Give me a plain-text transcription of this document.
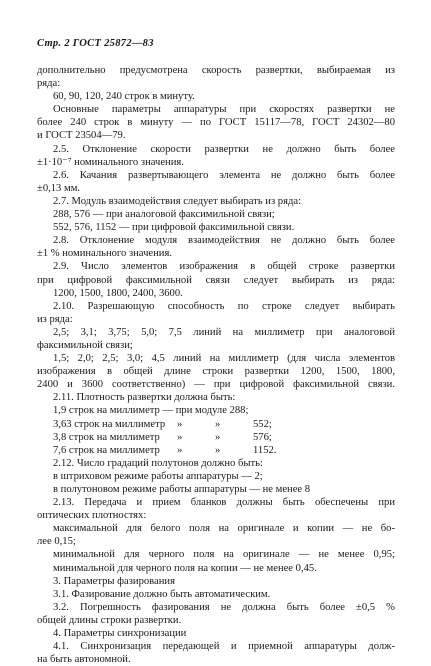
Стр. 2 ГОСТ 25872—83
дополнительно предусмотрена скорость развертки, выбираемая из
ряда:
60, 90, 120, 240 строк в минуту.
Основные параметры аппаратуры при скоростях развертки не
более 240 строк в минуту — по ГОСТ 15117—78, ГОСТ 24302—80
и ГОСТ 23504—79.
2.5. Отклонение скорости развертки не должно быть более
±1·10⁻⁷ номинального значения.
2.6. Качания развертывающего элемента не должно быть более
±0,13 мм.
2.7. Модуль взаимодействия следует выбирать из ряда:
288, 576 — при аналоговой факсимильной связи;
552, 576, 1152 — при цифровой факсимильной связи.
2.8. Отклонение модуля взаимодействия не должно быть более
±1 % номинального значения.
2.9. Число элементов изображения в общей строке развертки
при цифровой факсимильной связи следует выбирать из ряда:
1200, 1500, 1800, 2400, 3600.
2.10. Разрешающую способность по строке следует выбирать
из ряда:
2,5; 3,1; 3,75; 5,0; 7,5 линий на миллиметр при аналоговой
факсимильной связи;
1,5; 2,0; 2,5; 3,0; 4,5 линий на миллиметр (для числа элементов
изображения в общей длине строки развертки 1200, 1500, 1800,
2400 и 3600 соответственно) — при цифровой факсимильной связи.
2.11. Плотность развертки должна быть:
1,9 строк на миллиметр — при модуле 288;
3,63 строк на миллиметр	»	»	552;
3,8 строк на миллиметр	»	»	576;
7,6 строк на миллиметр	»	»	1152.
2.12. Число градаций полутонов должно быть:
в штриховом режиме работы аппаратуры — 2;
в полутоновом режиме работы аппаратуры — не менее 8
2.13. Передача и прием бланков должны быть обеспечены при
оптических плотностях:
максимальной для белого поля на оригинале и копии — не бо-
лее 0,15;
минимальной для черного поля на оригинале — не менее 0,95;
минимальной для черного поля на копии — не менее 0,45.
3. Параметры фазирования
3.1. Фазирование должно быть автоматическим.
3.2. Погрешность фазирования не должна быть более ±0,5 %
общей длины строки развертки.
4. Параметры синхронизации
4.1. Синхронизация передающей и приемной аппаратуры долж-
на быть автономной.
